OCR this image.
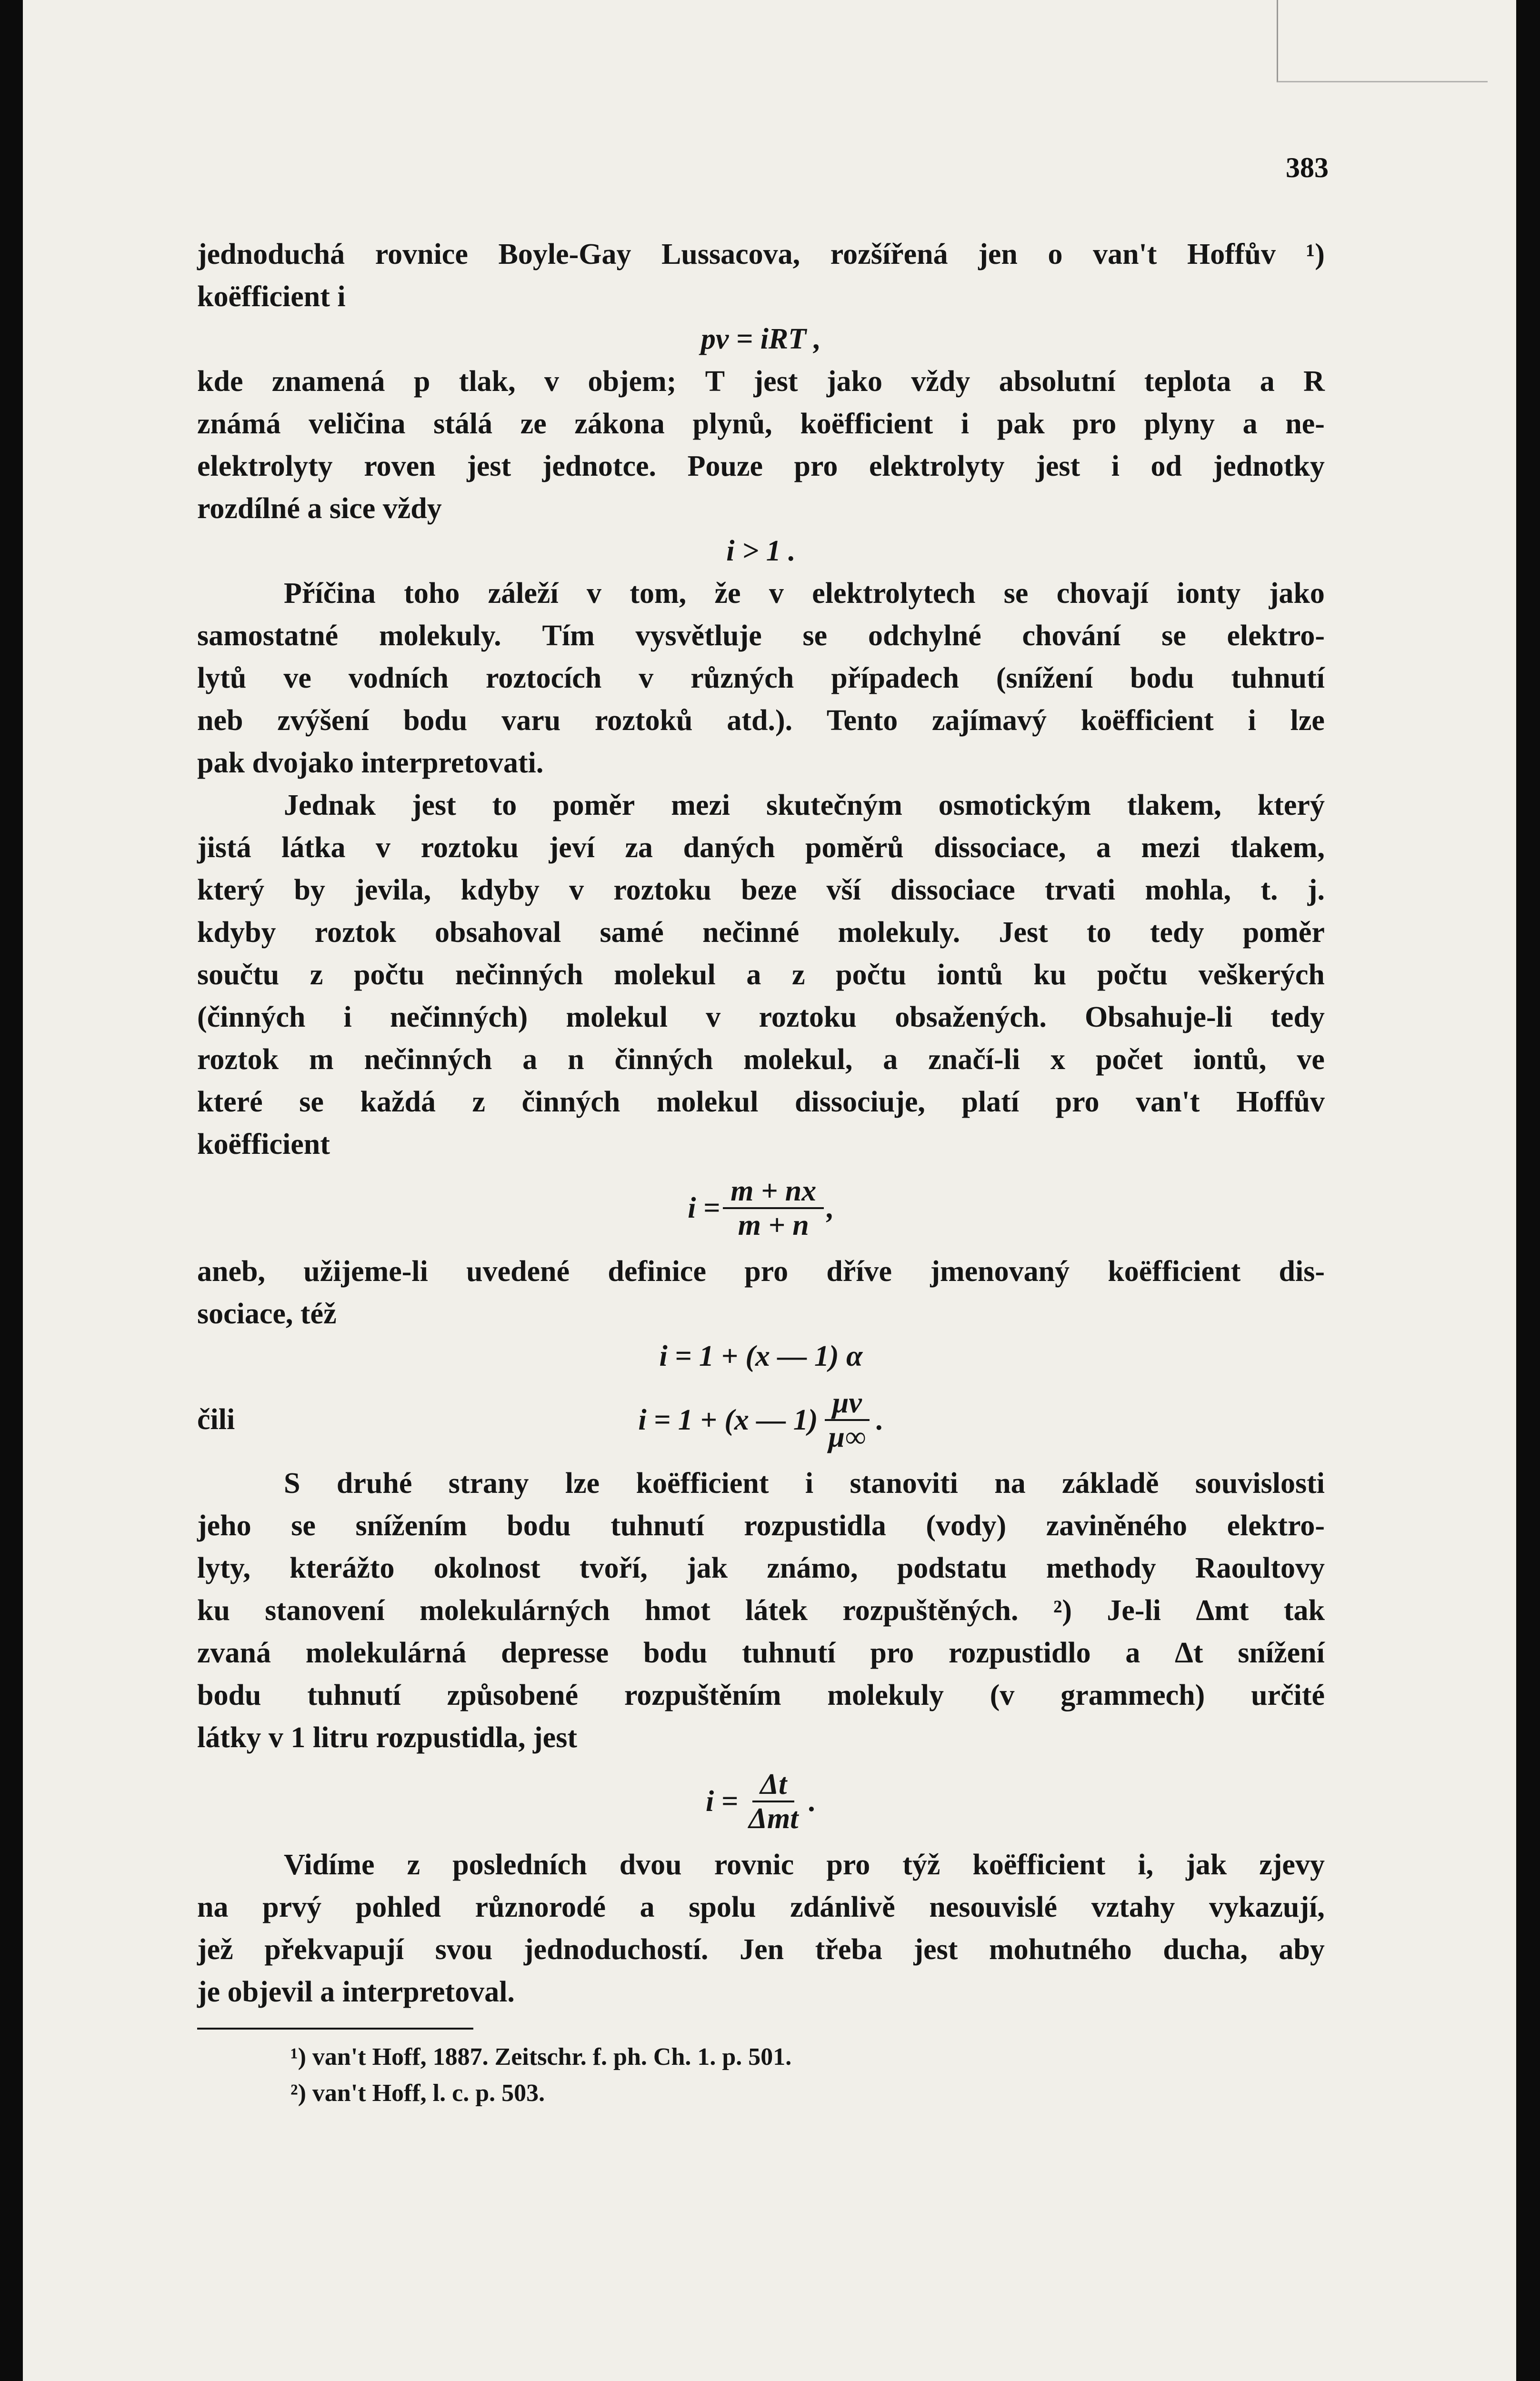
383
jednoduchá rovnice Boyle-Gay Lussacova, rozšířená jen o van't Hoffův ¹)
koëfficient i
pv = iRT ,
kde znamená p tlak, v objem; T jest jako vždy absolutní teplota a R
známá veličina stálá ze zákona plynů, koëfficient i pak pro plyny a ne-
elektrolyty roven jest jednotce. Pouze pro elektrolyty jest i od jednotky
rozdílné a sice vždy
i > 1 .
Příčina toho záleží v tom, že v elektrolytech se chovají ionty jako
samostatné molekuly. Tím vysvětluje se odchylné chování se elektro-
lytů ve vodních roztocích v různých případech (snížení bodu tuhnutí
neb zvýšení bodu varu roztoků atd.). Tento zajímavý koëfficient i lze
pak dvojako interpretovati.
Jednak jest to poměr mezi skutečným osmotickým tlakem, který
jistá látka v roztoku jeví za daných poměrů dissociace, a mezi tlakem,
který by jevila, kdyby v roztoku beze vší dissociace trvati mohla, t. j.
kdyby roztok obsahoval samé nečinné molekuly. Jest to tedy poměr
součtu z počtu nečinných molekul a z počtu iontů ku počtu veškerých
(činných i nečinných) molekul v roztoku obsažených. Obsahuje-li tedy
roztok m nečinných a n činných molekul, a značí-li x počet iontů, ve
které se každá z činných molekul dissociuje, platí pro van't Hoffův
koëfficient
$i = \frac{m + nx}{m + n}$ ,
aneb, užijeme-li uvedené definice pro dříve jmenovaný koëfficient dis-
sociace, též
i = 1 + (x — 1) α
čili	i = 1 + (x — $1) \frac{\mu v}{\mu\infty}$ .
S druhé strany lze koëfficient i stanoviti na základě souvislosti
jeho se snížením bodu tuhnutí rozpustidla (vody) zaviněného elektro-
lyty, kterážto okolnost tvoří, jak známo, podstatu methody Raoultovy
ku stanovení molekulárných hmot látek rozpuštěných. ²) Je-li Δmt tak
zvaná molekulárná depresse bodu tuhnutí pro rozpustidlo a Δt snížení
bodu tuhnutí způsobené rozpuštěním molekuly (v grammech) určité
látky v 1 litru rozpustidla, jest
$i = \frac{\Delta t}{\text{Δmt}}$ .
Vidíme z posledních dvou rovnic pro týž koëfficient i, jak zjevy
na prvý pohled různorodé a spolu zdánlivě nesouvislé vztahy vykazují,
jež překvapují svou jednoduchostí. Jen třeba jest mohutného ducha, aby
je objevil a interpretoval.
¹) van't Hoff, 1887. Zeitschr. f. ph. Ch. 1. p. 501.
²) van't Hoff, l. c. p. 503.
